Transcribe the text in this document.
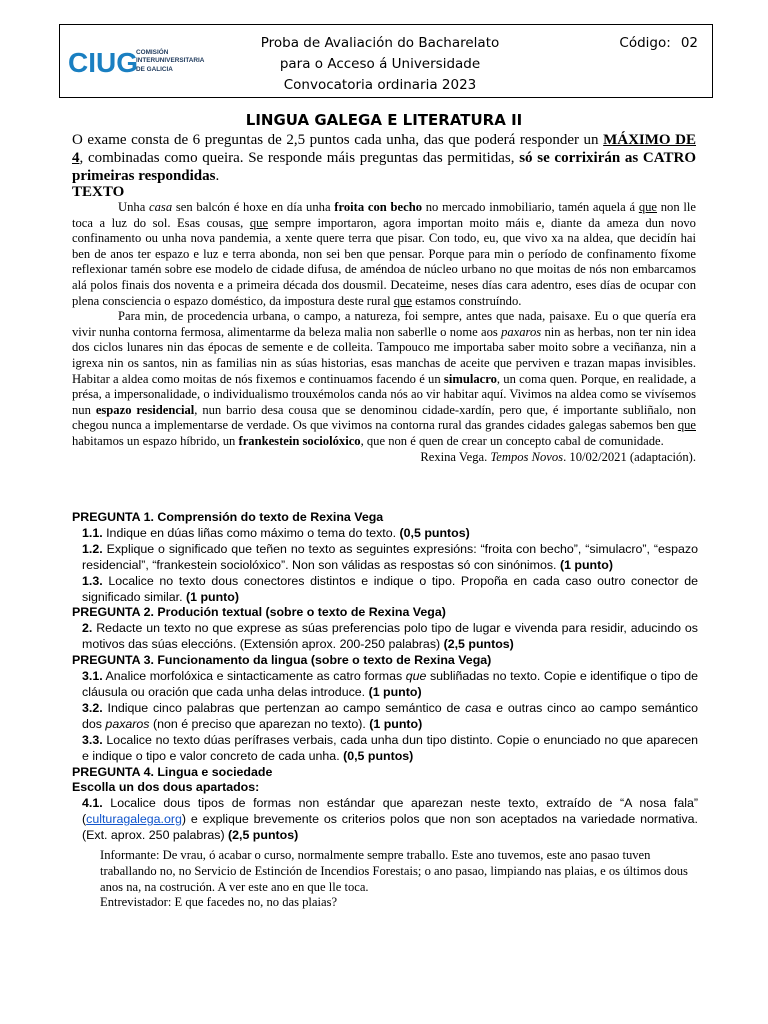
CIUG
COMISIÓN
INTERUNIVERSITARIA
DE GALICIA
Proba de Avaliación do Bacharelato
para o Acceso á Universidade
Convocatoria ordinaria 2023
Código: 02
LINGUA GALEGA E LITERATURA II
O exame consta de 6 preguntas de 2,5 puntos cada unha, das que poderá responder un MÁXIMO DE 4, combinadas como queira. Se responde máis preguntas das permitidas, só se corrixirán as CATRO primeiras respondidas.
TEXTO

Unha casa sen balcón é hoxe en día unha froita con becho no mercado inmobiliario, tamén aquela á que non lle toca a luz do sol. Esas cousas, que sempre importaron, agora importan moito máis e, diante da ameza dun novo confinamento ou unha nova pandemia, a xente quere terra que pisar. Con todo, eu, que vivo xa na aldea, que decidín hai ben de anos ter espazo e luz e terra abonda, non sei ben que pensar. Porque para min o período de confinamento fíxome reflexionar tamén sobre ese modelo de cidade difusa, de améndoa de núcleo urbano no que moitas de nós non embarcamos alá polos finais dos noventa e a primeira década dos dousmil. Decateime, neses días cara adentro, eses días de ocupar con plena consciencia o espazo doméstico, da impostura deste rural que estamos construíndo.

Para min, de procedencia urbana, o campo, a natureza, foi sempre, antes que nada, paisaxe. Eu o que quería era vivir nunha contorna fermosa, alimentarme da beleza malia non saberlle o nome aos paxaros nin as herbas, non ter nin idea dos ciclos lunares nin das épocas de semente e de colleita. Tampouco me importaba saber moito sobre a veciñanza, nin a igrexa nin os santos, nin as familias nin as súas historias, esas manchas de aceite que perviven e trazan mapas invisibles. Habitar a aldea como moitas de nós fixemos e continuamos facendo é un simulacro, un coma quen. Porque, en realidade, a présa, a impersonalidade, o individualismo trouxémolos canda nós ao vir habitar aquí. Vivimos na aldea como se vivísemos nun espazo residencial, nun barrio desa cousa que se denominou cidade-xardín, pero que, é importante subliñalo, non chegou nunca a implementarse de verdade. Os que vivimos na contorna rural das grandes cidades galegas sabemos ben que habitamos un espazo híbrido, un frankestein sociolóxico, que non é quen de crear un concepto cabal de comunidade.

Rexina Vega. Tempos Novos. 10/02/2021 (adaptación).

PREGUNTA 1. Comprensión do texto de Rexina Vega

1.1. Indique en dúas liñas como máximo o tema do texto. (0,5 puntos)

1.2. Explique o significado que teñen no texto as seguintes expresións: “froita con becho”, “simulacro”, “espazo residencial”, “frankestein sociolóxico”. Non son válidas as respostas só con sinónimos. (1 punto)

1.3. Localice no texto dous conectores distintos e indique o tipo. Propoña en cada caso outro conector de significado similar. (1 punto)

PREGUNTA 2. Produción textual (sobre o texto de Rexina Vega)

2. Redacte un texto no que exprese as súas preferencias polo tipo de lugar e vivenda para residir, aducindo os motivos das súas eleccións. (Extensión aprox. 200-250 palabras) (2,5 puntos)

PREGUNTA 3. Funcionamento da lingua (sobre o texto de Rexina Vega)

3.1. Analice morfolóxica e sintacticamente as catro formas que subliñadas no texto. Copie e identifique o tipo de cláusula ou oración que cada unha delas introduce. (1 punto)

3.2. Indique cinco palabras que pertenzan ao campo semántico de casa e outras cinco ao campo semántico dos paxaros (non é preciso que aparezan no texto). (1 punto)

3.3. Localice no texto dúas perífrases verbais, cada unha dun tipo distinto. Copie o enunciado no que aparecen e indique o tipo e valor concreto de cada unha. (0,5 puntos)

PREGUNTA 4. Lingua e sociedade

Escolla un dos dous apartados:

4.1. Localice dous tipos de formas non estándar que aparezan neste texto, extraído de “A nosa fala” (culturagalega.org) e explique brevemente os criterios polos que non son aceptados na variedade normativa. (Ext. aprox. 250 palabras) (2,5 puntos)

Informante: De vrau, ó acabar o curso, normalmente sempre traballo. Este ano tuvemos, este ano pasao tuven traballando no, no Servicio de Estinción de Incendios Forestais; o ano pasao, limpiando nas plaias, e os últimos dous anos na, na costrución. A ver este ano en que lle toca.

Entrevistador: E que facedes no, no das plaias?
